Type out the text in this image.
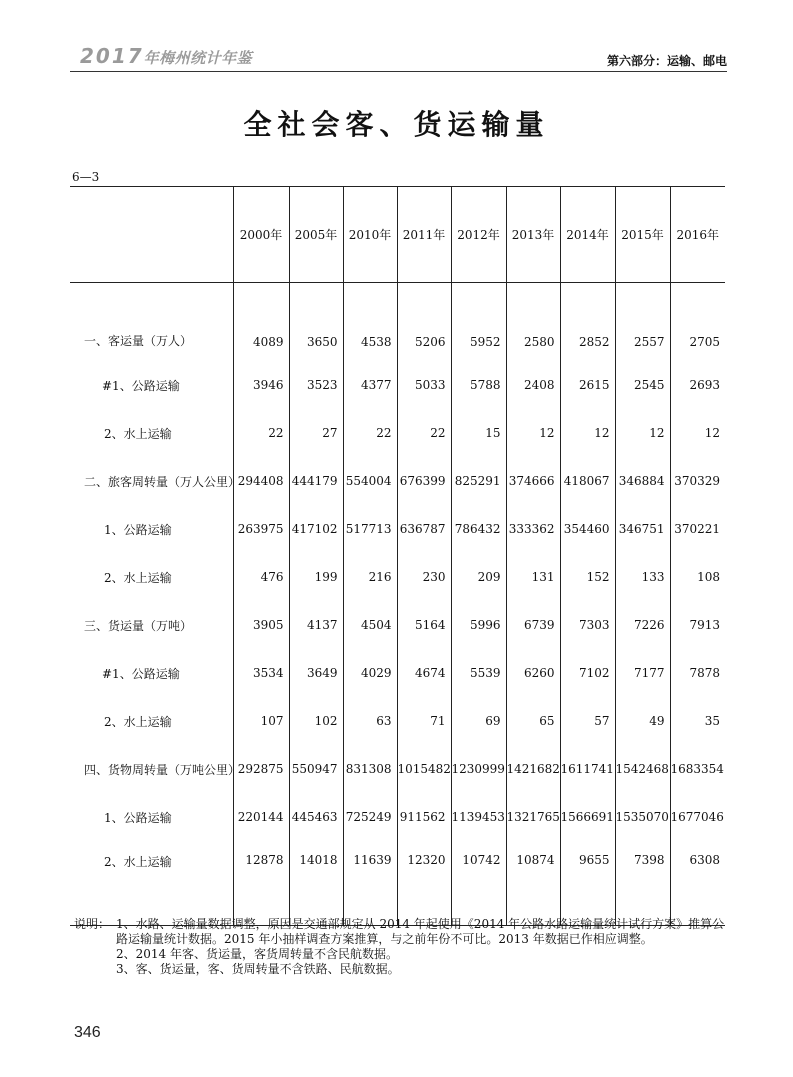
2017年梅州统计年鉴	第六部分：运输、邮电
全社会客、货运输量
6—3
	2000年	2005年	2010年	2011年	2012年	2013年	2014年	2015年	2016年
一、客运量（万人）	4089	3650	4538	5206	5952	2580	2852	2557	2705
#1、公路运输	3946	3523	4377	5033	5788	2408	2615	2545	2693
2、水上运输	22	27	22	22	15	12	12	12	12
二、旅客周转量（万人公里）	294408	444179	554004	676399	825291	374666	418067	346884	370329
1、公路运输	263975	417102	517713	636787	786432	333362	354460	346751	370221
2、水上运输	476	199	216	230	209	131	152	133	108
三、货运量（万吨）	3905	4137	4504	5164	5996	6739	7303	7226	7913
#1、公路运输	3534	3649	4029	4674	5539	6260	7102	7177	7878
2、水上运输	107	102	63	71	69	65	57	49	35
四、货物周转量（万吨公里）	292875	550947	831308	1015482	1230999	1421682	1611741	1542468	1683354
1、公路运输	220144	445463	725249	911562	1139453	1321765	1566691	1535070	1677046
2、水上运输	12878	14018	11639	12320	10742	10874	9655	7398	6308
说明： 1、水路、运输量数据调整，原因是交通部规定从 2014 年起使用《2014 年公路水路运输量统计试行方案》推算公路运输量统计数据。2015 年小抽样调查方案推算，与之前年份不可比。2013 年数据已作相应调整。
2、2014 年客、货运量，客货周转量不含民航数据。
3、客、货运量，客、货周转量不含铁路、民航数据。
346
